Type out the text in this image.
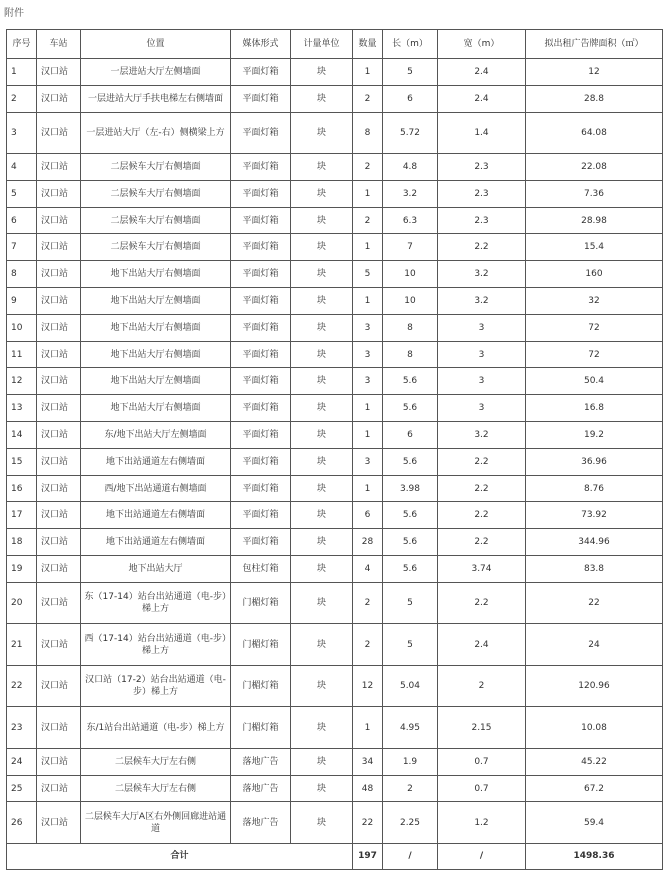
附件
序号	车站	位置	媒体形式	计量单位	数量	长（m）	宽（m）	拟出租广告牌面积（㎡）
1	汉口站	一层进站大厅左侧墙面	平面灯箱	块	1	5	2.4	12
2	汉口站	一层进站大厅手扶电梯左右侧墙面	平面灯箱	块	2	6	2.4	28.8
3	汉口站	一层进站大厅（左-右）侧横梁上方	平面灯箱	块	8	5.72	1.4	64.08
4	汉口站	二层候车大厅右侧墙面	平面灯箱	块	2	4.8	2.3	22.08
5	汉口站	二层候车大厅右侧墙面	平面灯箱	块	1	3.2	2.3	7.36
6	汉口站	二层候车大厅右侧墙面	平面灯箱	块	2	6.3	2.3	28.98
7	汉口站	二层候车大厅右侧墙面	平面灯箱	块	1	7	2.2	15.4
8	汉口站	地下出站大厅右侧墙面	平面灯箱	块	5	10	3.2	160
9	汉口站	地下出站大厅左侧墙面	平面灯箱	块	1	10	3.2	32
10	汉口站	地下出站大厅右侧墙面	平面灯箱	块	3	8	3	72
11	汉口站	地下出站大厅右侧墙面	平面灯箱	块	3	8	3	72
12	汉口站	地下出站大厅左侧墙面	平面灯箱	块	3	5.6	3	50.4
13	汉口站	地下出站大厅右侧墙面	平面灯箱	块	1	5.6	3	16.8
14	汉口站	东/地下出站大厅左侧墙面	平面灯箱	块	1	6	3.2	19.2
15	汉口站	地下出站通道左右侧墙面	平面灯箱	块	3	5.6	2.2	36.96
16	汉口站	西/地下出站通道右侧墙面	平面灯箱	块	1	3.98	2.2	8.76
17	汉口站	地下出站通道左右侧墙面	平面灯箱	块	6	5.6	2.2	73.92
18	汉口站	地下出站通道左右侧墙面	平面灯箱	块	28	5.6	2.2	344.96
19	汉口站	地下出站大厅	包柱灯箱	块	4	5.6	3.74	83.8
20	汉口站	东（17-14）站台出站通道（电-步）梯上方	门楣灯箱	块	2	5	2.2	22
21	汉口站	西（17-14）站台出站通道（电-步）梯上方	门楣灯箱	块	2	5	2.4	24
22	汉口站	汉口站（17-2）站台出站通道（电-步）梯上方	门楣灯箱	块	12	5.04	2	120.96
23	汉口站	东/1站台出站通道（电-步）梯上方	门楣灯箱	块	1	4.95	2.15	10.08
24	汉口站	二层候车大厅左右侧	落地广告	块	34	1.9	0.7	45.22
25	汉口站	二层候车大厅左右侧	落地广告	块	48	2	0.7	67.2
26	汉口站	二层候车大厅A区右外侧回廊进站通道	落地广告	块	22	2.25	1.2	59.4
合计					197	/	/	1498.36
